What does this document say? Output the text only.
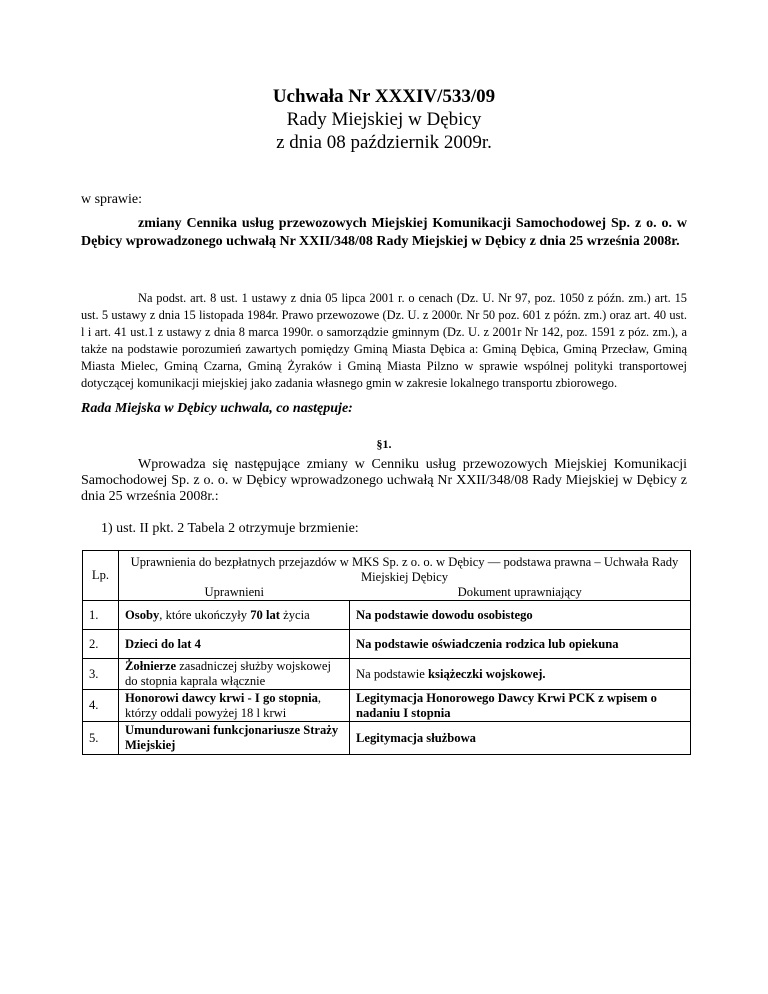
Uchwała Nr XXXIV/533/09
Rady Miejskiej w Dębicy
z dnia 08 październik 2009r.
w sprawie:
zmiany Cennika usług przewozowych Miejskiej Komunikacji Samochodowej Sp. z o. o. w Dębicy wprowadzonego uchwałą Nr XXII/348/08 Rady Miejskiej w Dębicy z dnia 25 września 2008r.
Na podst. art. 8 ust. 1 ustawy z dnia 05 lipca 2001 r. o cenach (Dz. U. Nr 97, poz. 1050 z późn. zm.) art. 15 ust. 5 ustawy z dnia 15 listopada 1984r. Prawo przewozowe (Dz. U. z 2000r. Nr 50 poz. 601 z późn. zm.) oraz art. 40 ust. l i art. 41 ust.1 z ustawy z dnia 8 marca 1990r. o samorządzie gminnym (Dz. U. z 2001r Nr 142, poz. 1591 z póz. zm.), a także na podstawie porozumień zawartych pomiędzy Gminą Miasta Dębica a: Gminą Dębica, Gminą Przecław, Gminą Miasta Mielec, Gminą Czarna, Gminą Żyraków i Gminą Miasta Pilzno w sprawie wspólnej polityki transportowej dotyczącej komunikacji miejskiej jako zadania własnego gmin w zakresie lokalnego transportu zbiorowego.
Rada Miejska w Dębicy uchwala, co następuje:
§1.
Wprowadza się następujące zmiany w Cenniku usług przewozowych Miejskiej Komunikacji Samochodowej Sp. z o. o. w Dębicy wprowadzonego uchwałą Nr XXII/348/08 Rady Miejskiej w Dębicy z dnia 25 września 2008r.:
1) ust. II pkt. 2 Tabela 2 otrzymuje brzmienie:
Lp.	Uprawnienia do bezpłatnych przejazdów w MKS Sp. z o. o. w Dębicy — podstawa prawna – Uchwała Rady Miejskiej Dębicy	
	Uprawnieni	Dokument uprawniający
1.	Osoby, które ukończyły 70 lat życia	Na podstawie dowodu osobistego
2.	Dzieci do lat 4	Na podstawie oświadczenia rodzica lub opiekuna
3.	Żołnierze zasadniczej służby wojskowej do stopnia kaprala włącznie	Na podstawie książeczki wojskowej.
4.	Honorowi dawcy krwi - I go stopnia, którzy oddali powyżej 18 l krwi	Legitymacja Honorowego Dawcy Krwi PCK z wpisem o nadaniu I stopnia
5.	Umundurowani funkcjonariusze Straży Miejskiej	Legitymacja służbowa
